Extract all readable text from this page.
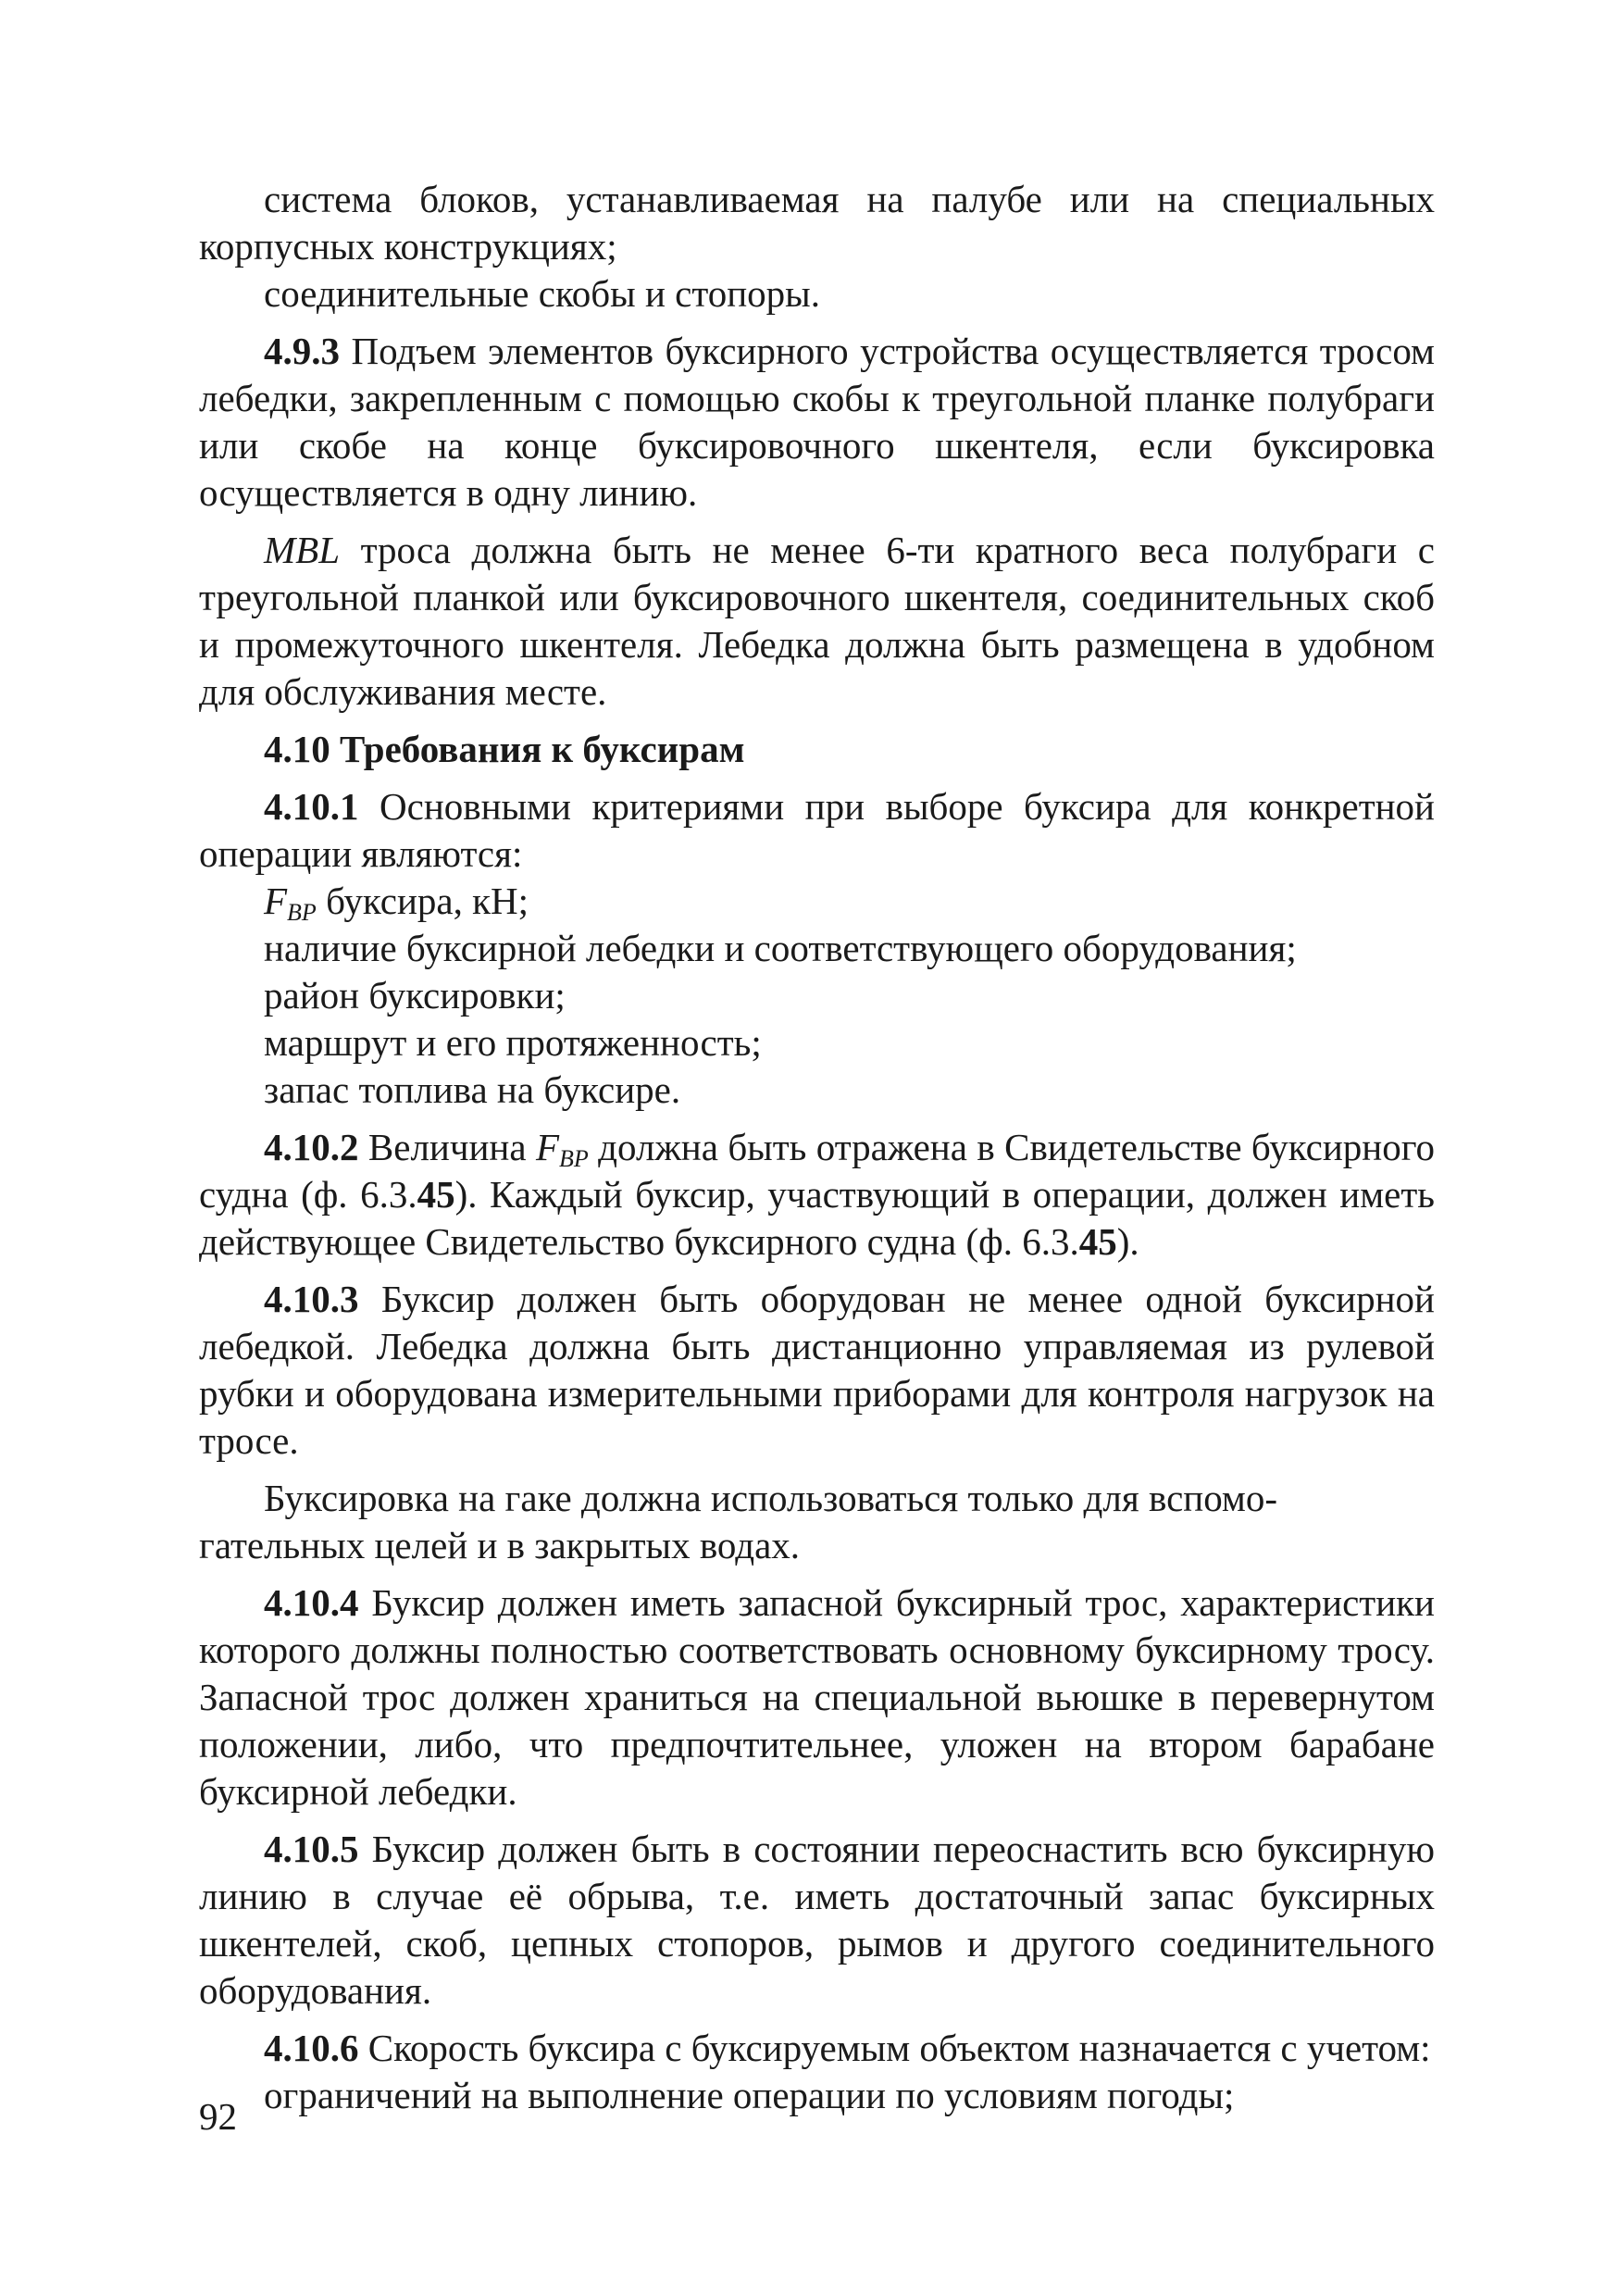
система блоков, устанавливаемая на палубе или на специальных корпусных конструкциях;

соединительные скобы и стопоры.

4.9.3 Подъем элементов буксирного устройства осуществляется тросом лебедки, закрепленным с помощью скобы к треугольной планке полубраги или скобе на конце буксировочного шкентеля, если буксировка осуществляется в одну линию.

MBL троса должна быть не менее 6-ти кратного веса полубраги с треугольной планкой или буксировочного шкентеля, соединительных скоб и промежуточного шкентеля. Лебедка должна быть размещена в удобном для обслуживания месте.

4.10 Требования к буксирам

4.10.1 Основными критериями при выборе буксира для конкретной операции являются:

$F_{BP}$ буксира, кН;

наличие буксирной лебедки и соответствующего оборудования;

район буксировки;

маршрут и его протяженность;

запас топлива на буксире.

4.10.2 Величина $F_{BP}$ должна быть отражена в Свидетельстве буксирного судна (ф. 6.3.45). Каждый буксир, участвующий в операции, должен иметь действующее Свидетельство буксирного судна (ф. 6.3.45).

4.10.3 Буксир должен быть оборудован не менее одной буксирной лебедкой. Лебедка должна быть дистанционно управляемая из рулевой рубки и оборудована измерительными приборами для контроля нагрузок на тросе.

Буксировка на гаке должна использоваться только для вспомо-
гательных целей и в закрытых водах.

4.10.4 Буксир должен иметь запасной буксирный трос, характеристики которого должны полностью соответствовать основному буксирному тросу. Запасной трос должен храниться на специальной вьюшке в перевернутом положении, либо, что предпочтительнее, уложен на втором барабане буксирной лебедки.

4.10.5 Буксир должен быть в состоянии переоснастить всю буксирную линию в случае её обрыва, т.е. иметь достаточный запас буксирных шкентелей, скоб, цепных стопоров, рымов и другого соединительного оборудования.

4.10.6 Скорость буксира с буксируемым объектом назначается с учетом:

ограничений на выполнение операции по условиям погоды;

92
